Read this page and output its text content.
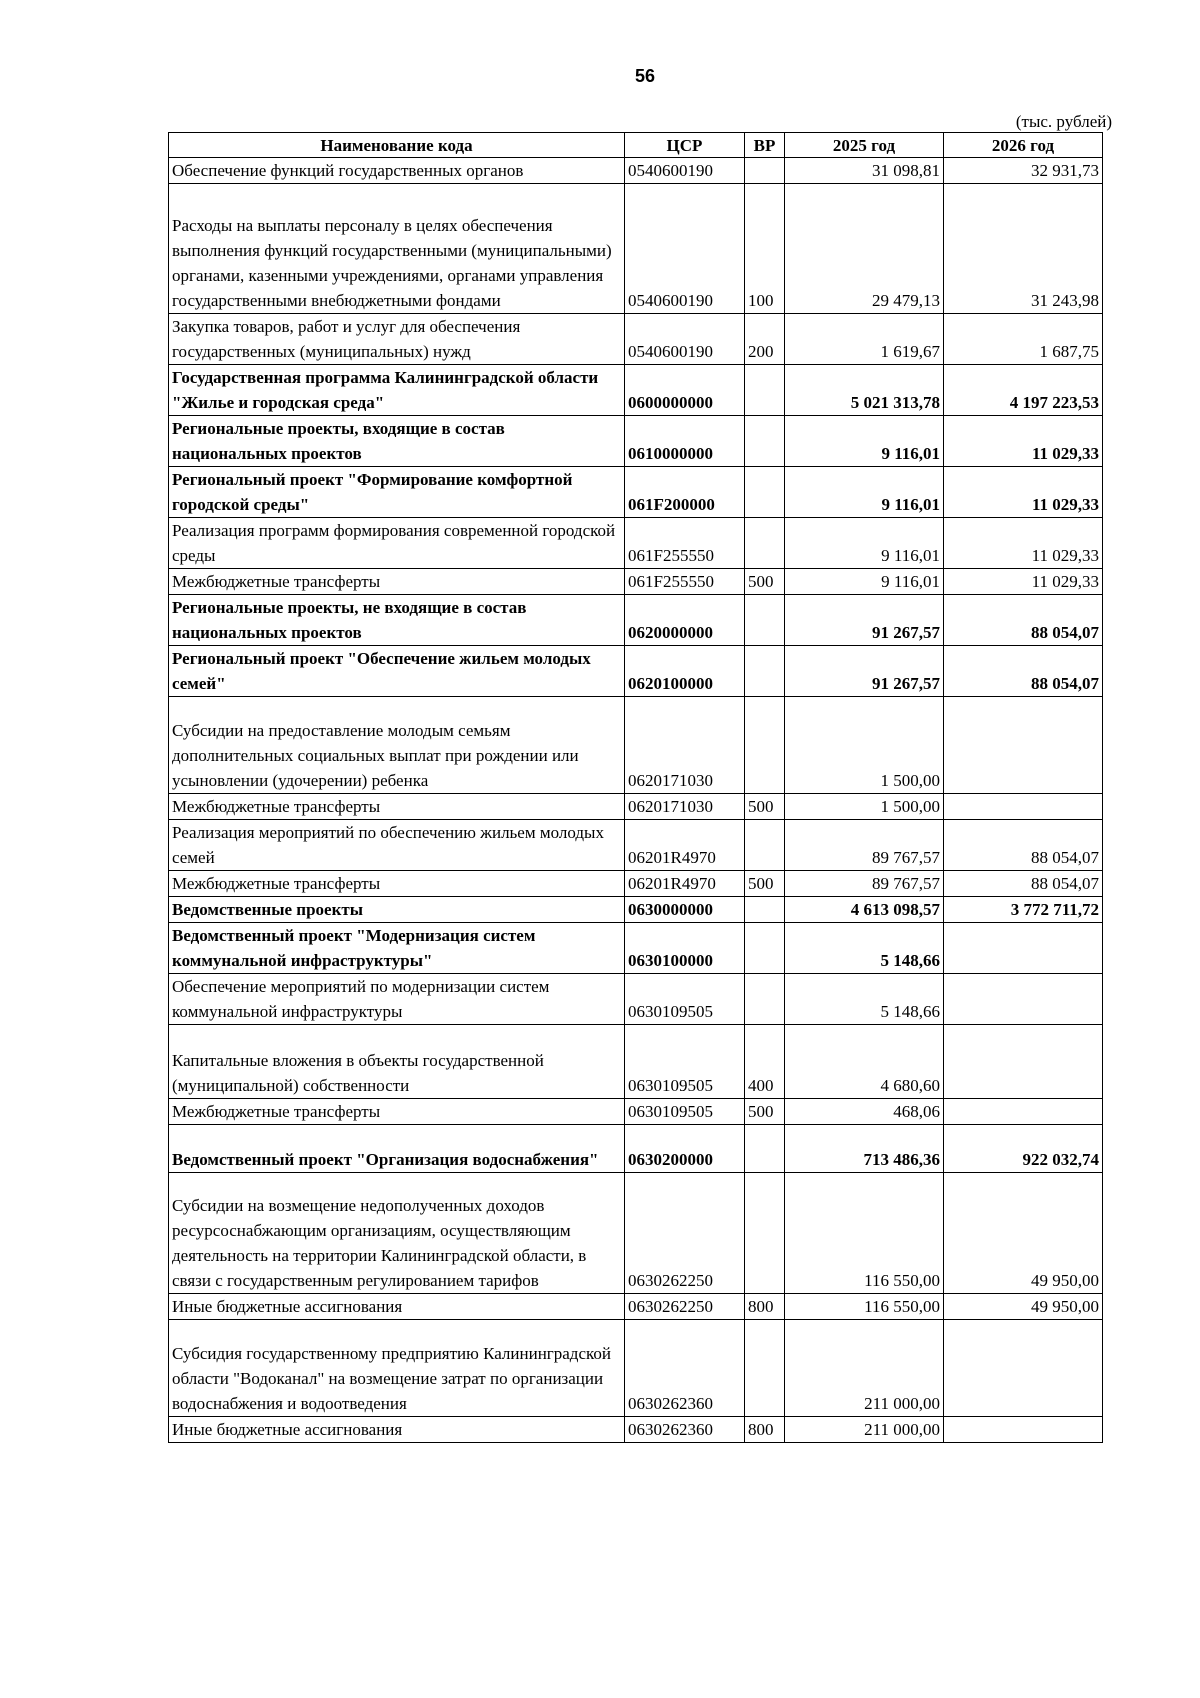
56
(тыс. рублей)
Наименование кода	ЦСР	ВР	2025 год	2026 год
Обеспечение функций государственных органов	0540600190		31 098,81	32 931,73
Расходы на выплаты персоналу в целях обеспечения выполнения функций государственными (муниципальными) органами, казенными учреждениями, органами управления государственными внебюджетными фондами	0540600190	100	29 479,13	31 243,98
Закупка товаров, работ и услуг для обеспечения государственных (муниципальных) нужд	0540600190	200	1 619,67	1 687,75
Государственная программа Калининградской области "Жилье и городская среда"	0600000000		5 021 313,78	4 197 223,53
Региональные проекты, входящие в состав национальных проектов	0610000000		9 116,01	11 029,33
Региональный проект "Формирование комфортной городской среды"	061F200000		9 116,01	11 029,33
Реализация программ формирования современной городской среды	061F255550		9 116,01	11 029,33
Межбюджетные трансферты	061F255550	500	9 116,01	11 029,33
Региональные проекты, не входящие в состав национальных проектов	0620000000		91 267,57	88 054,07
Региональный проект "Обеспечение жильем молодых семей"	0620100000		91 267,57	88 054,07
Субсидии на предоставление молодым семьям дополнительных социальных выплат при рождении или усыновлении (удочерении) ребенка	0620171030		1 500,00	
Межбюджетные трансферты	0620171030	500	1 500,00	
Реализация мероприятий по обеспечению жильем молодых семей	06201R4970		89 767,57	88 054,07
Межбюджетные трансферты	06201R4970	500	89 767,57	88 054,07
Ведомственные проекты	0630000000		4 613 098,57	3 772 711,72
Ведомственный проект "Модернизация систем коммунальной инфраструктуры"	0630100000		5 148,66	
Обеспечение мероприятий по модернизации систем коммунальной инфраструктуры	0630109505		5 148,66	
Капитальные вложения в объекты государственной (муниципальной) собственности	0630109505	400	4 680,60	
Межбюджетные трансферты	0630109505	500	468,06	
Ведомственный проект "Организация водоснабжения"	0630200000		713 486,36	922 032,74
Субсидии на возмещение недополученных доходов ресурсоснабжающим организациям, осуществляющим деятельность на территории Калининградской области, в связи с государственным регулированием тарифов	0630262250		116 550,00	49 950,00
Иные бюджетные ассигнования	0630262250	800	116 550,00	49 950,00
Субсидия государственному предприятию Калининградской области "Водоканал" на возмещение затрат по организации водоснабжения и водоотведения	0630262360		211 000,00	
Иные бюджетные ассигнования	0630262360	800	211 000,00	
